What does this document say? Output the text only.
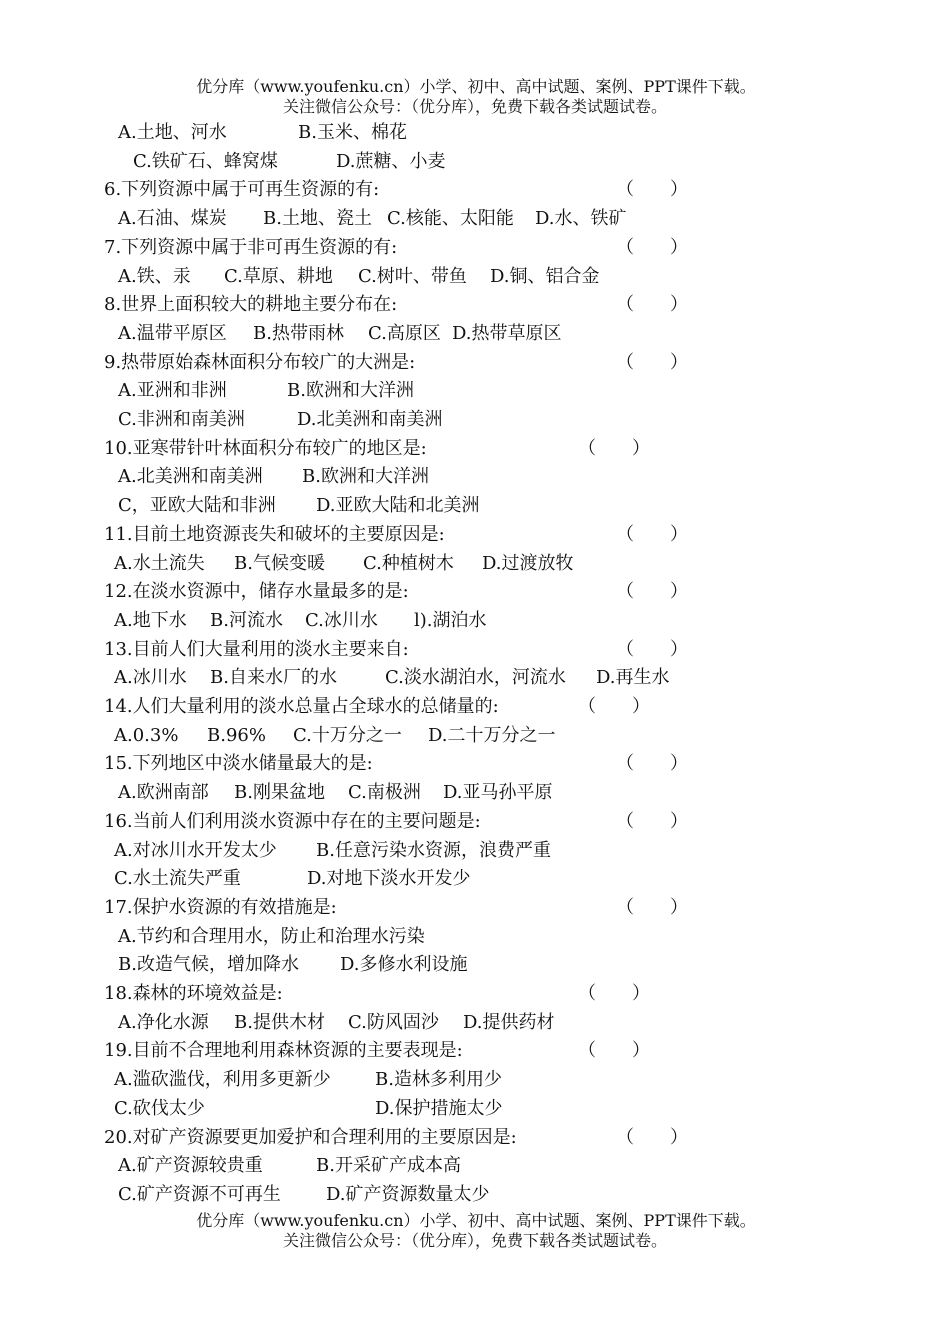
优分库（www.youfenku.cn）小学、初中、高中试题、案例、PPT课件下载。
关注微信公众号：（优分库），免费下载各类试题试卷。
A.土地、河水	B.玉米、棉花
C.铁矿石、蜂窝煤	D.蔗糖、小麦
6.下列资源中属于可再生资源的有:	（　　）
A.石油、煤炭 B.土地、瓷土 C.核能、太阳能 D.水、铁矿
7.下列资源中属于非可再生资源的有:	（　　）
A.铁、汞 C.草原、耕地 C.树叶、带鱼 D.铜、铝合金
8.世界上面积较大的耕地主要分布在:	（　　）
A.温带平原区 B.热带雨林 C.高原区 D.热带草原区
9.热带原始森林面积分布较广的大洲是:	（　　）
A.亚洲和非洲	B.欧洲和大洋洲
C.非洲和南美洲	D.北美洲和南美洲
10.亚寒带针叶林面积分布较广的地区是:	（　　）
A.北美洲和南美洲 B.欧洲和大洋洲
C，亚欧大陆和非洲 D.亚欧大陆和北美洲
11.目前土地资源丧失和破坏的主要原因是:	（　　）
A.水土流失 B.气候变暖 C.种植树木 D.过渡放牧
12.在淡水资源中，储存水量最多的是:	（　　）
A.地下水 B.河流水 C.冰川水 l).湖泊水
13.目前人们大量利用的淡水主要来自:	（　　）
A.冰川水 B.自来水厂的水	C.淡水湖泊水，河流水 D.再生水
14.人们大量利用的淡水总量占全球水的总储量的:	（　　）
A.0.3% B.96% C.十万分之一 D.二十万分之一
15.下列地区中淡水储量最大的是:	（　　）
A.欧洲南部 B.刚果盆地 C.南极洲 D.亚马孙平原
16.当前人们利用淡水资源中存在的主要问题是:	（　　）
A.对冰川水开发太少 B.任意污染水资源，浪费严重
C.水土流失严重	D.对地下淡水开发少
17.保护水资源的有效措施是:	（　　）
A.节约和合理用水，防止和治理水污染
B.改造气候，增加降水 D.多修水利设施
18.森林的环境效益是:	（　　）
A.净化水源 B.提供木材 C.防风固沙 D.提供药材
19.目前不合理地利用森林资源的主要表现是:	（　　）
A.滥砍滥伐，利用多更新少 B.造林多利用少
C.砍伐太少	D.保护措施太少
20.对矿产资源要更加爱护和合理利用的主要原因是:	（　　）
A.矿产资源较贵重	B.开采矿产成本高
C.矿产资源不可再生	D.矿产资源数量太少
优分库（www.youfenku.cn）小学、初中、高中试题、案例、PPT课件下载。
关注微信公众号：（优分库），免费下载各类试题试卷。
